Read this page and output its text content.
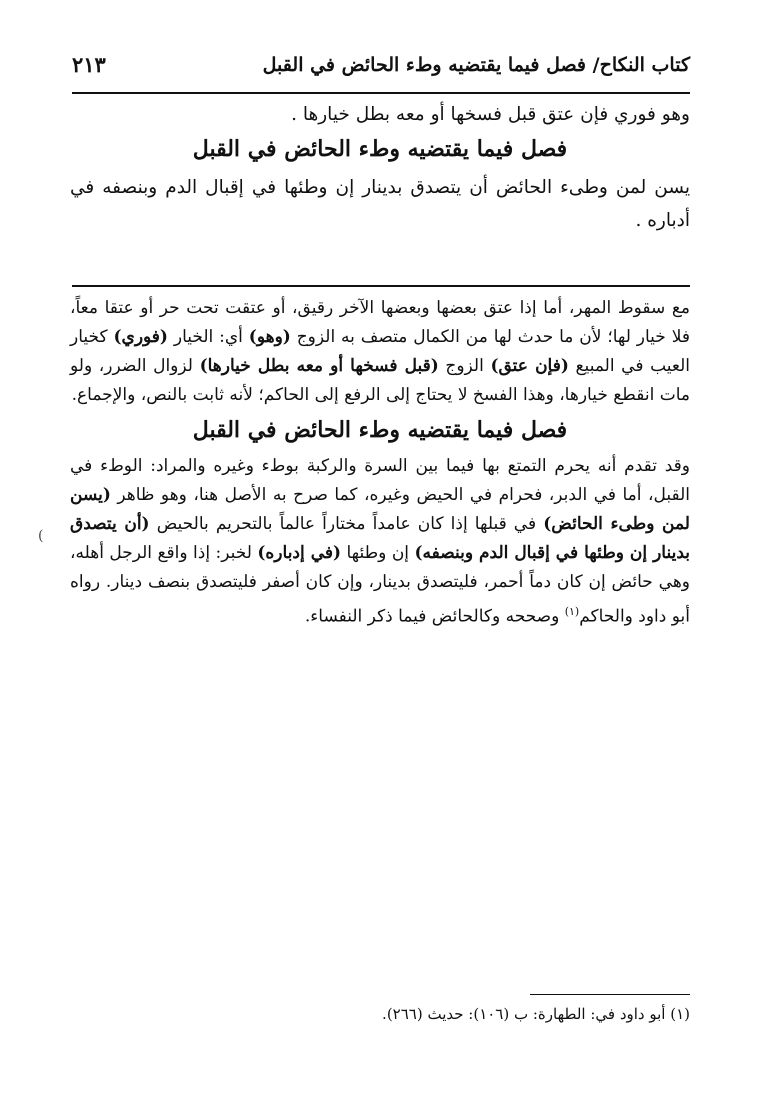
كتاب النكاح/ فصل فيما يقتضيه وطء الحائض في القبل
٢١٣

وهو فوري فإن عتق قبل فسخها أو معه بطل خيارها .

فصل فيما يقتضيه وطء الحائض في القبل

يسن لمن وطىء الحائض أن يتصدق بدينار إن وطئها في إقبال الدم وبنصفه في أدباره .

مع سقوط المهر، أما إذا عتق بعضها وبعضها الآخر رقيق، أو عتقت تحت حر أو عتقا معاً، فلا خيار لها؛ لأن ما حدث لها من الكمال متصف به الزوج (وهو) أي: الخيار (فوري) كخيار العيب في المبيع (فإن عتق) الزوج (قبل فسخها أو معه بطل خيارها) لزوال الضرر، ولو مات انقطع خيارها، وهذا الفسخ لا يحتاج إلى الرفع إلى الحاكم؛ لأنه ثابت بالنص، والإجماع.

فصل فيما يقتضيه وطء الحائض في القبل

وقد تقدم أنه يحرم التمتع بها فيما بين السرة والركبة بوطء وغيره والمراد: الوطء في القبل، أما في الدبر، فحرام في الحيض وغيره، كما صرح به الأصل هنا، وهو ظاهر (يسن لمن وطىء الحائض) في قبلها إذا كان عامداً مختاراً عالماً بالتحريم بالحيض (أن يتصدق بدينار إن وطئها في إقبال الدم وبنصفه) إن وطئها (في إدباره) لخبر: إذا واقع الرجل أهله، وهي حائض إن كان دماً أحمر، فليتصدق بدينار، وإن كان أصفر فليتصدق بنصف دينار. رواه أبو داود والحاكم$^{(١)}$ وصححه وكالحائض فيما ذكر النفساء.

(

(١) أبو داود في: الطهارة: ب (١٠٦): حديث (٢٦٦).
